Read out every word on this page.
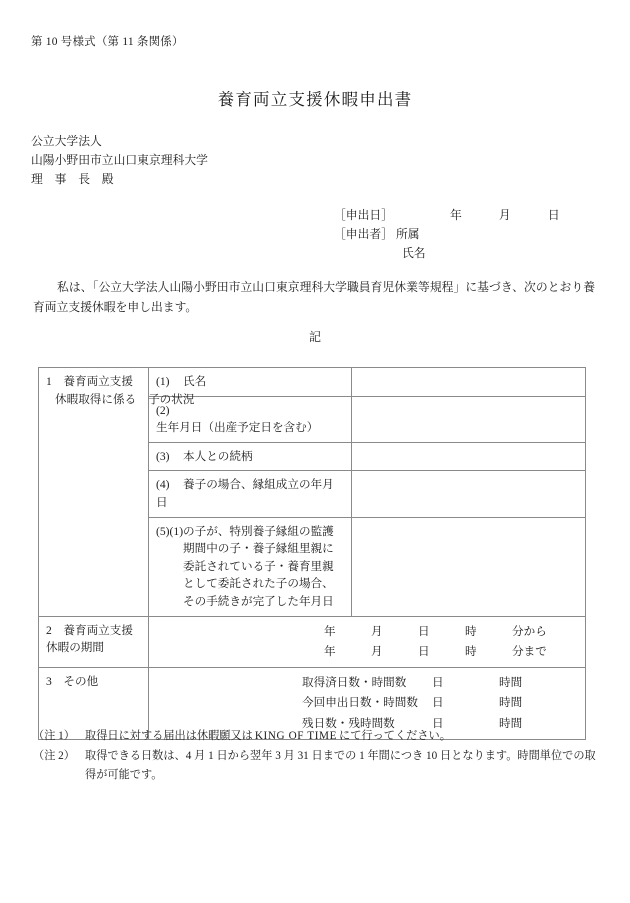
第 10 号様式（第 11 条関係）
養育両立支援休暇申出書
公立大学法人
山陽小野田市立山口東京理科大学
理　事　長　殿
［申出日］	年	月	日
［申出者］ 所属
氏名
私は、「公立大学法人山陽小野田市立山口東京理科大学職員育児休業等規程」に基づき、次のとおり養育両立支援休暇を申し出ます。
記
1　養育両立支援
休暇取得に係る 子の状況	(1) 氏名	

	(2)生年月日（出産予定日を含む）	

	(3) 本人との続柄	

	(4) 養子の場合、縁組成立の年月日	

	(5)(1)の子が、特別養子縁組の監護期間中の子・養子縁組里親に委託されている子・養育里親として委託された子の場合、その手続きが完了した年月日	

2　養育両立支援
休暇の期間

年	月	日	時	分から
年	月	日	時	分まで

3　その他	取得済日数・時間数 日 時間
今回申出日数・時間数 日 時間
残日数・残時間数 日 時間	
（注 1） 取得日に対する届出は休暇願又は KING OF TIME にて行ってください。
（注 2） 取得できる日数は、4 月 1 日から翌年 3 月 31 日までの 1 年間につき 10 日となります。時間単位での取得が可能です。
